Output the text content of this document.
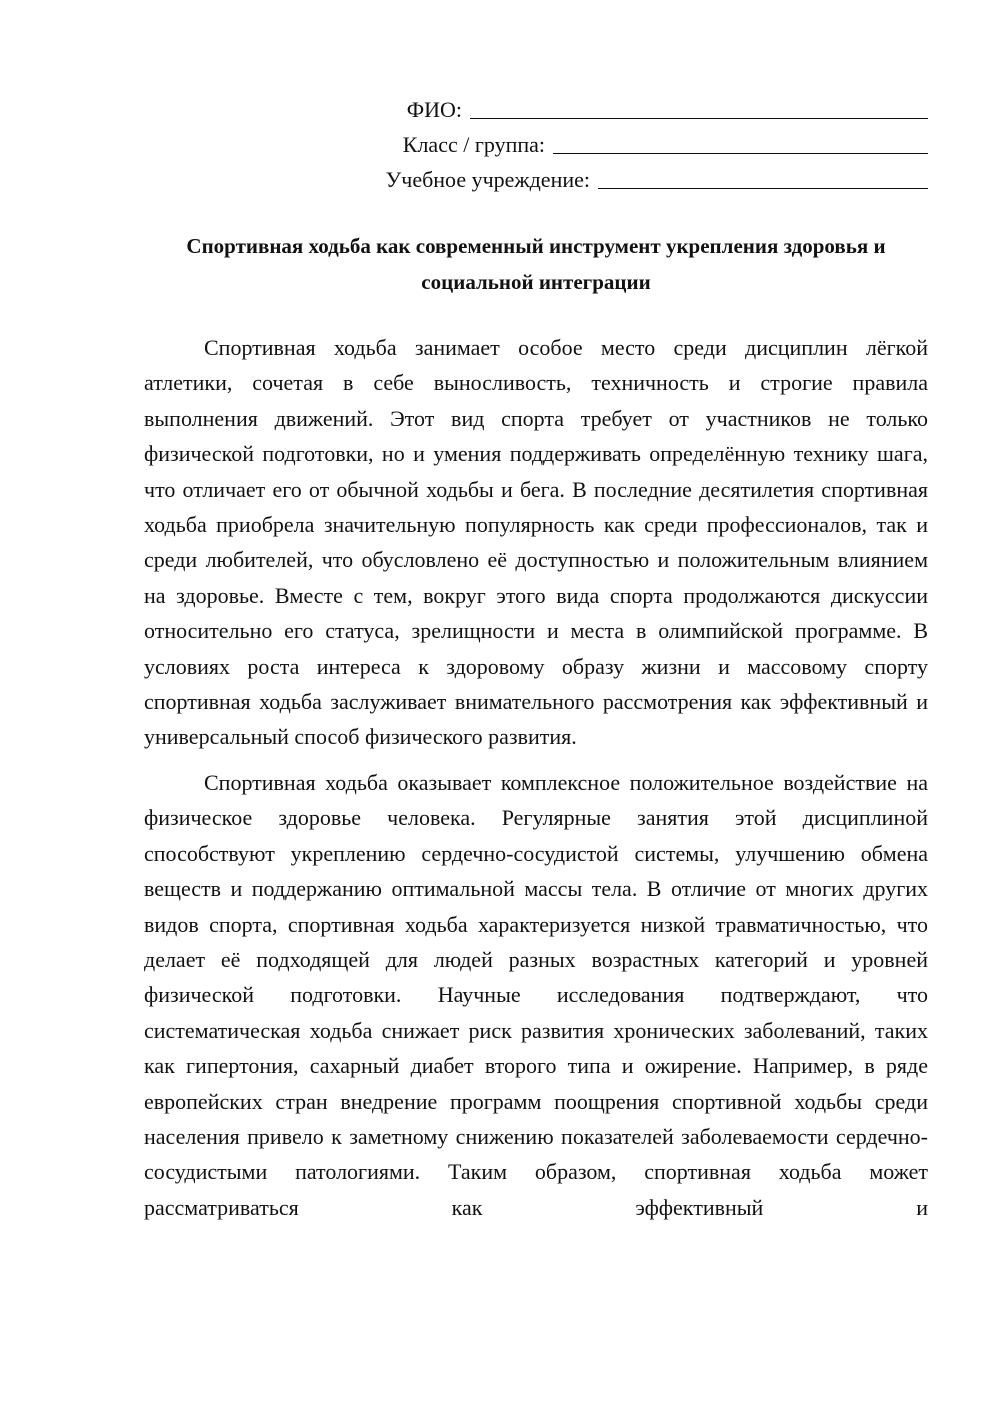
ФИО:
Класс / группа:
Учебное учреждение:
Спортивная ходьба как современный инструмент укрепления здоровья и социальной интеграции

Спортивная ходьба занимает особое место среди дисциплин лёгкой атлетики, сочетая в себе выносливость, техничность и строгие правила выполнения движений. Этот вид спорта требует от участников не только физической подготовки, но и умения поддерживать определённую технику шага, что отличает его от обычной ходьбы и бега. В последние десятилетия спортивная ходьба приобрела значительную популярность как среди профессионалов, так и среди любителей, что обусловлено её доступностью и положительным влиянием на здоровье. Вместе с тем, вокруг этого вида спорта продолжаются дискуссии относительно его статуса, зрелищности и места в олимпийской программе. В условиях роста интереса к здоровому образу жизни и массовому спорту спортивная ходьба заслуживает внимательного рассмотрения как эффективный и универсальный способ физического развития.

Спортивная ходьба оказывает комплексное положительное воздействие на физическое здоровье человека. Регулярные занятия этой дисциплиной способствуют укреплению сердечно-сосудистой системы, улучшению обмена веществ и поддержанию оптимальной массы тела. В отличие от многих других видов спорта, спортивная ходьба характеризуется низкой травматичностью, что делает её подходящей для людей разных возрастных категорий и уровней физической подготовки. Научные исследования подтверждают, что систематическая ходьба снижает риск развития хронических заболеваний, таких как гипертония, сахарный диабет второго типа и ожирение. Например, в ряде европейских стран внедрение программ поощрения спортивной ходьбы среди населения привело к заметному снижению показателей заболеваемости сердечно-сосудистыми патологиями. Таким образом, спортивная ходьба может рассматриваться как эффективный и
